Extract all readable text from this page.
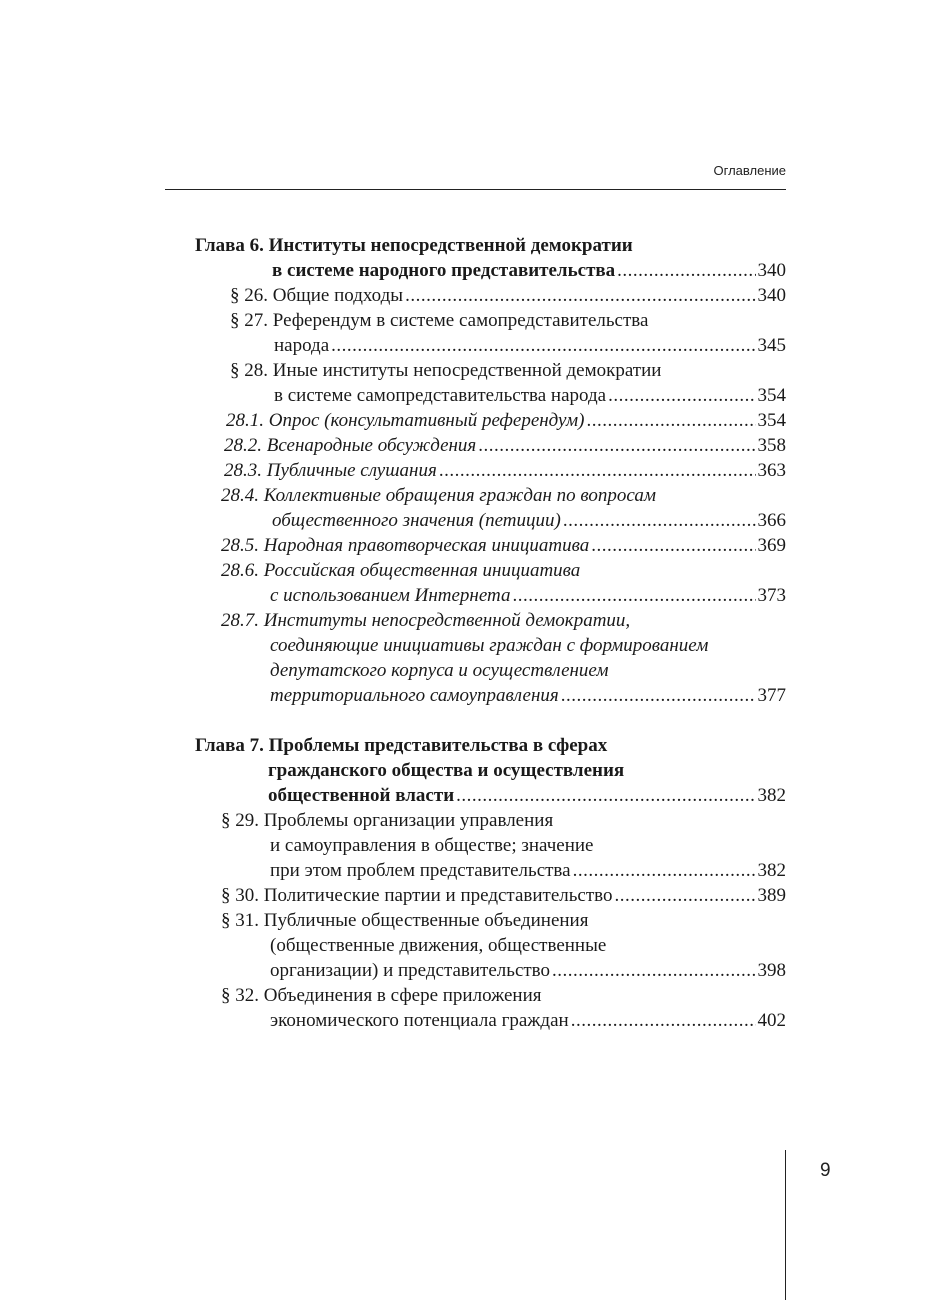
Оглавление
Глава 6. Институты непосредственной демократии
в системе народного представительства .....	340
§ 26. Общие подходы .....	340
§ 27. Референдум в системе самопредставительства
народа .....	345
§ 28. Иные институты непосредственной демократии
в системе самопредставительства народа .....	354
28.1. Опрос (консультативный референдум) .....	354
28.2. Всенародные обсуждения .....	358
28.3. Публичные слушания .....	363
28.4. Коллективные обращения граждан по вопросам
общественного значения (петиции) .....	366
28.5. Народная правотворческая инициатива .....	369
28.6. Российская общественная инициатива
с использованием Интернета .....	373
28.7. Институты непосредственной демократии,
соединяющие инициативы граждан с формированием
депутатского корпуса и осуществлением
территориального самоуправления .....	377
Глава 7. Проблемы представительства в сферах
гражданского общества и осуществления
общественной власти .....	382
§ 29. Проблемы организации управления
и самоуправления в обществе; значение
при этом проблем представительства .....	382
§ 30. Политические партии и представительство .....	389
§ 31. Публичные общественные объединения
(общественные движения, общественные
организации) и представительство .....	398
§ 32. Объединения в сфере приложения
экономического потенциала граждан .....	402
9
